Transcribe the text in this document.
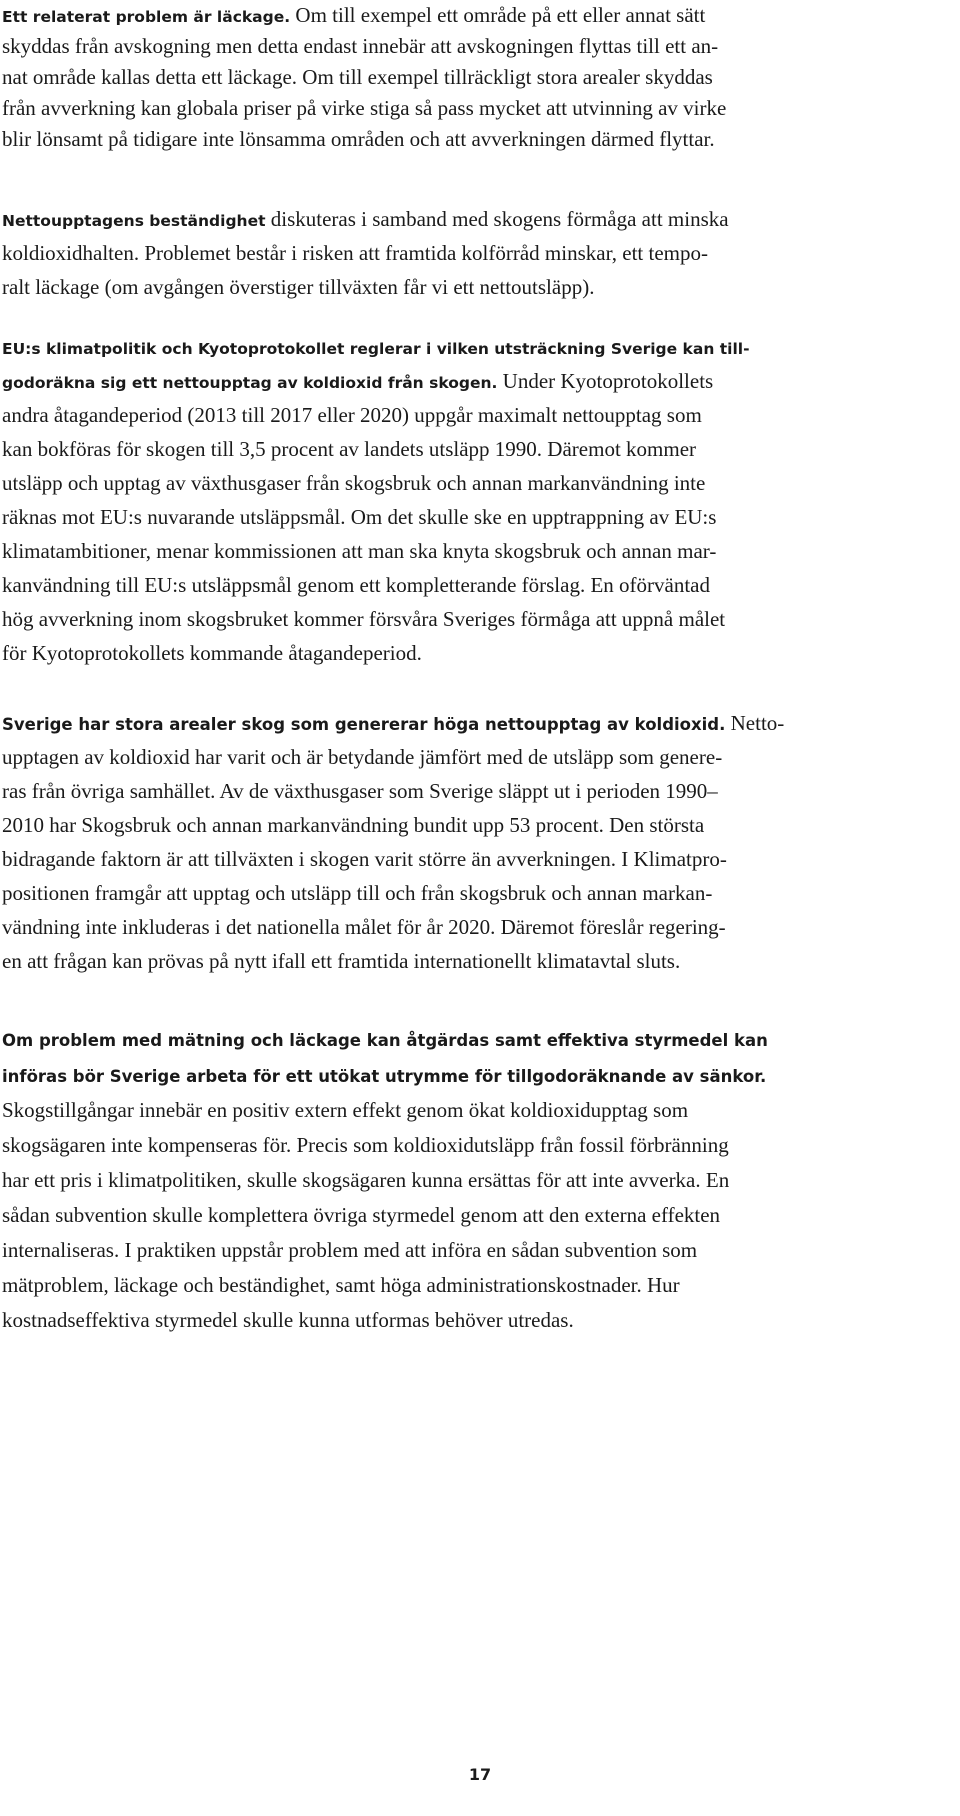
Ett relaterat problem är läckage. Om till exempel ett område på ett eller annat sätt
skyddas från avskogning men detta endast innebär att avskogningen flyttas till ett an-
nat område kallas detta ett läckage. Om till exempel tillräckligt stora arealer skyddas
från avverkning kan globala priser på virke stiga så pass mycket att utvinning av virke
blir lönsamt på tidigare inte lönsamma områden och att avverkningen därmed flyttar.
Nettoupptagens beständighet diskuteras i samband med skogens förmåga att minska
koldioxidhalten. Problemet består i risken att framtida kolförråd minskar, ett tempo-
ralt läckage (om avgången överstiger tillväxten får vi ett nettoutsläpp).
EU:s klimatpolitik och Kyotoprotokollet reglerar i vilken utsträckning Sverige kan till-
godoräkna sig ett nettoupptag av koldioxid från skogen. Under Kyotoprotokollets
andra åtagandeperiod (2013 till 2017 eller 2020) uppgår maximalt nettoupptag som
kan bokföras för skogen till 3,5 procent av landets utsläpp 1990. Däremot kommer
utsläpp och upptag av växthusgaser från skogsbruk och annan markanvändning inte
räknas mot EU:s nuvarande utsläppsmål. Om det skulle ske en upptrappning av EU:s
klimatambitioner, menar kommissionen att man ska knyta skogsbruk och annan mar-
kanvändning till EU:s utsläppsmål genom ett kompletterande förslag. En oförväntad
hög avverkning inom skogsbruket kommer försvåra Sveriges förmåga att uppnå målet
för Kyotoprotokollets kommande åtagandeperiod.
Sverige har stora arealer skog som genererar höga nettoupptag av koldioxid. Netto-
upptagen av koldioxid har varit och är betydande jämfört med de utsläpp som genere-
ras från övriga samhället. Av de växthusgaser som Sverige släppt ut i perioden 1990–
2010 har Skogsbruk och annan markanvändning bundit upp 53 procent. Den största
bidragande faktorn är att tillväxten i skogen varit större än avverkningen. I Klimatpro-
positionen framgår att upptag och utsläpp till och från skogsbruk och annan markan-
vändning inte inkluderas i det nationella målet för år 2020. Däremot föreslår regering-
en att frågan kan prövas på nytt ifall ett framtida internationellt klimatavtal sluts.
Om problem med mätning och läckage kan åtgärdas samt effektiva styrmedel kan
införas bör Sverige arbeta för ett utökat utrymme för tillgodoräknande av sänkor.
Skogstillgångar innebär en positiv extern effekt genom ökat koldioxidupptag som
skogsägaren inte kompenseras för. Precis som koldioxidutsläpp från fossil förbränning
har ett pris i klimatpolitiken, skulle skogsägaren kunna ersättas för att inte avverka. En
sådan subvention skulle komplettera övriga styrmedel genom att den externa effekten
internaliseras. I praktiken uppstår problem med att införa en sådan subvention som
mätproblem, läckage och beständighet, samt höga administrationskostnader. Hur
kostnadseffektiva styrmedel skulle kunna utformas behöver utredas.
17
